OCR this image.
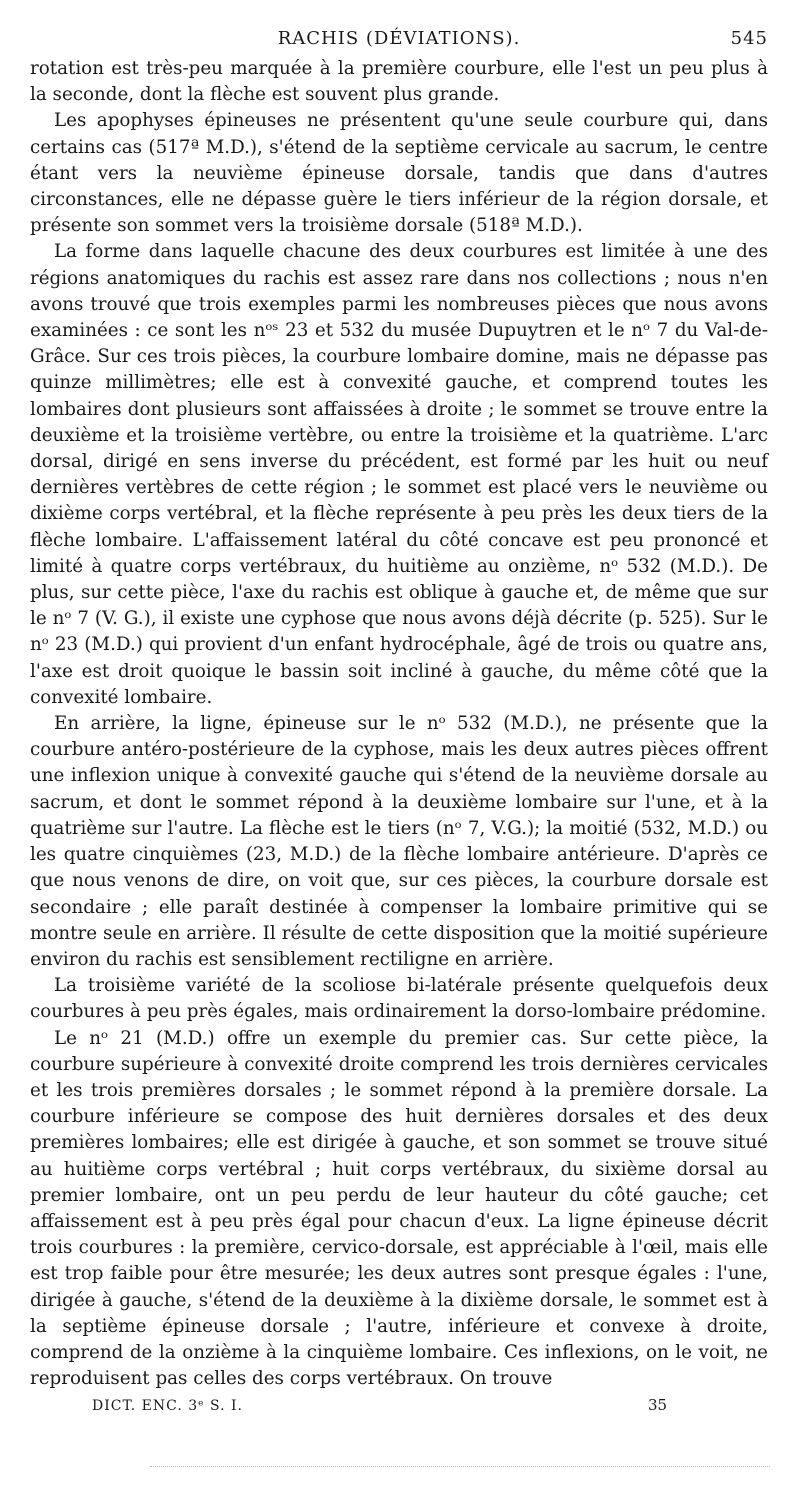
RACHIS (DÉVIATIONS).	545

rotation est très-peu marquée à la première courbure, elle l'est un peu plus à la seconde, dont la flèche est souvent plus grande.

Les apophyses épineuses ne présentent qu'une seule courbure qui, dans certains cas (517ª M.D.), s'étend de la septième cervicale au sacrum, le centre étant vers la neuvième épineuse dorsale, tandis que dans d'autres circonstances, elle ne dépasse guère le tiers inférieur de la région dorsale, et présente son sommet vers la troisième dorsale (518ª M.D.).

La forme dans laquelle chacune des deux courbures est limitée à une des régions anatomiques du rachis est assez rare dans nos collections ; nous n'en avons trouvé que trois exemples parmi les nombreuses pièces que nous avons examinées : ce sont les nᵒˢ 23 et 532 du musée Dupuytren et le nᵒ 7 du Val-de-Grâce. Sur ces trois pièces, la courbure lombaire domine, mais ne dépasse pas quinze millimètres; elle est à convexité gauche, et comprend toutes les lombaires dont plusieurs sont affaissées à droite ; le sommet se trouve entre la deuxième et la troisième vertèbre, ou entre la troisième et la quatrième. L'arc dorsal, dirigé en sens inverse du précédent, est formé par les huit ou neuf dernières vertèbres de cette région ; le sommet est placé vers le neuvième ou dixième corps vertébral, et la flèche représente à peu près les deux tiers de la flèche lombaire. L'affaissement latéral du côté concave est peu prononcé et limité à quatre corps vertébraux, du huitième au onzième, nᵒ 532 (M.D.). De plus, sur cette pièce, l'axe du rachis est oblique à gauche et, de même que sur le nᵒ 7 (V. G.), il existe une cyphose que nous avons déjà décrite (p. 525). Sur le nᵒ 23 (M.D.) qui provient d'un enfant hydrocéphale, âgé de trois ou quatre ans, l'axe est droit quoique le bassin soit incliné à gauche, du même côté que la convexité lombaire.

En arrière, la ligne, épineuse sur le nᵒ 532 (M.D.), ne présente que la courbure antéro-postérieure de la cyphose, mais les deux autres pièces offrent une inflexion unique à convexité gauche qui s'étend de la neuvième dorsale au sacrum, et dont le sommet répond à la deuxième lombaire sur l'une, et à la quatrième sur l'autre. La flèche est le tiers (nᵒ 7, V.G.); la moitié (532, M.D.) ou les quatre cinquièmes (23, M.D.) de la flèche lombaire antérieure. D'après ce que nous venons de dire, on voit que, sur ces pièces, la courbure dorsale est secondaire ; elle paraît destinée à compenser la lombaire primitive qui se montre seule en arrière. Il résulte de cette disposition que la moitié supérieure environ du rachis est sensiblement rectiligne en arrière.

La troisième variété de la scoliose bi-latérale présente quelquefois deux courbures à peu près égales, mais ordinairement la dorso-lombaire prédomine.

Le nᵒ 21 (M.D.) offre un exemple du premier cas. Sur cette pièce, la courbure supérieure à convexité droite comprend les trois dernières cervicales et les trois premières dorsales ; le sommet répond à la première dorsale. La courbure inférieure se compose des huit dernières dorsales et des deux premières lombaires; elle est dirigée à gauche, et son sommet se trouve situé au huitième corps vertébral ; huit corps vertébraux, du sixième dorsal au premier lombaire, ont un peu perdu de leur hauteur du côté gauche; cet affaissement est à peu près égal pour chacun d'eux. La ligne épineuse décrit trois courbures : la première, cervico-dorsale, est appréciable à l'œil, mais elle est trop faible pour être mesurée; les deux autres sont presque égales : l'une, dirigée à gauche, s'étend de la deuxième à la dixième dorsale, le sommet est à la septième épineuse dorsale ; l'autre, inférieure et convexe à droite, comprend de la onzième à la cinquième lombaire. Ces inflexions, on le voit, ne reproduisent pas celles des corps vertébraux. On trouve

DICT. ENC. 3ᵉ S. I.	35
